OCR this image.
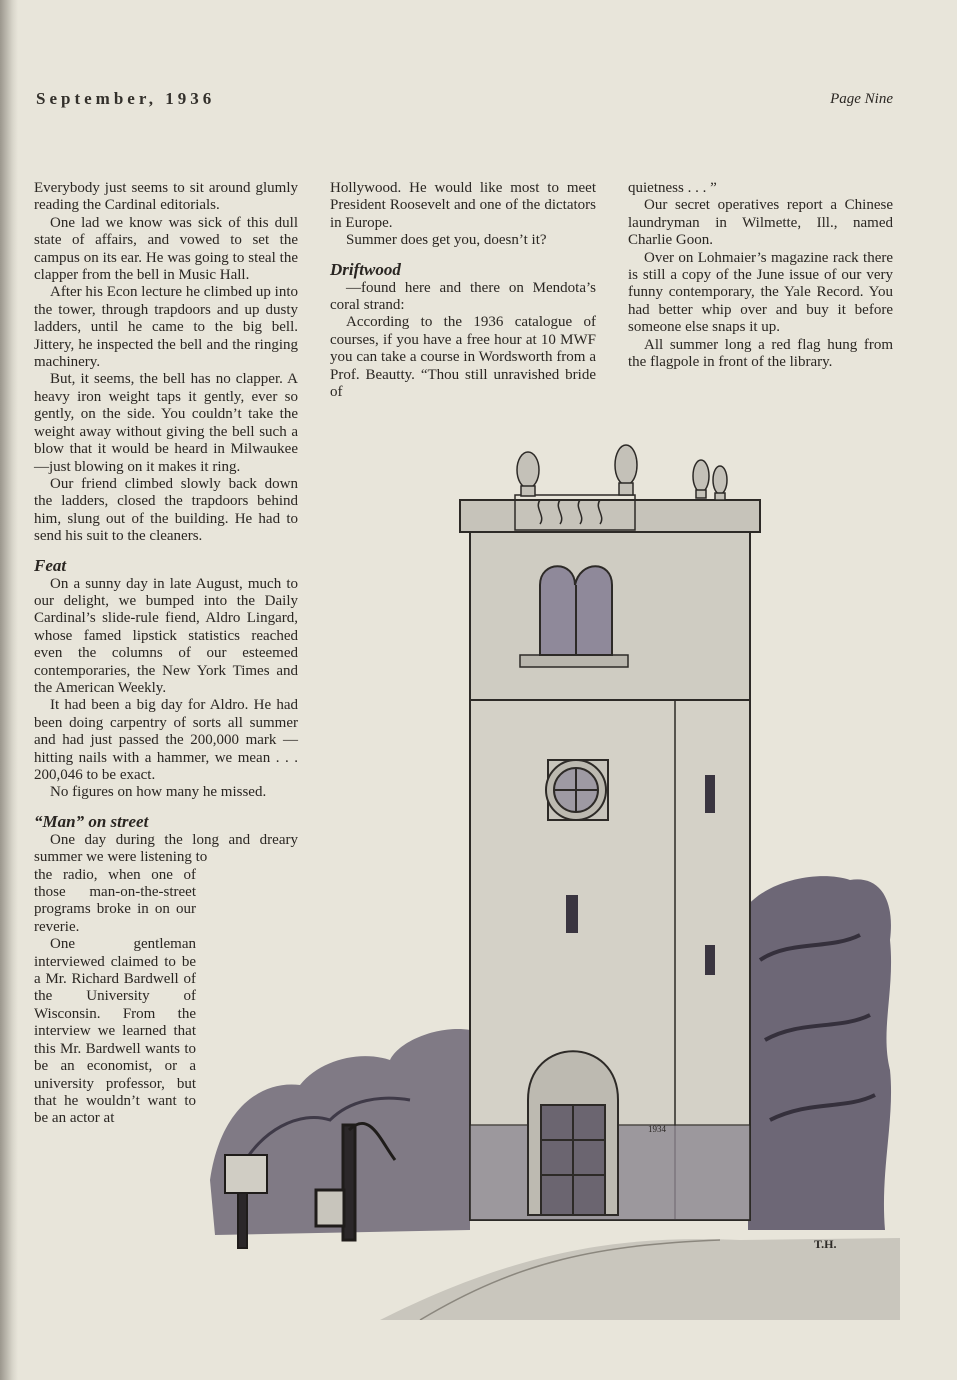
September, 1936	Page Nine

Everybody just seems to sit around glumly reading the Cardinal editorials.

One lad we know was sick of this dull state of affairs, and vowed to set the campus on its ear. He was going to steal the clapper from the bell in Music Hall.

After his Econ lecture he climbed up into the tower, through trapdoors and up dusty ladders, until he came to the big bell. Jittery, he inspected the bell and the ringing machinery.

But, it seems, the bell has no clapper. A heavy iron weight taps it gently, ever so gently, on the side. You couldn’t take the weight away without giving the bell such a blow that it would be heard in Milwaukee—just blowing on it makes it ring.

Our friend climbed slowly back down the ladders, closed the trapdoors behind him, slung out of the building. He had to send his suit to the cleaners.

Feat

On a sunny day in late August, much to our delight, we bumped into the Daily Cardinal’s slide-rule fiend, Aldro Lingard, whose famed lipstick statistics reached even the columns of our esteemed contemporaries, the New York Times and the American Weekly.

It had been a big day for Aldro. He had been doing carpentry of sorts all summer and had just passed the 200,000 mark — hitting nails with a hammer, we mean . . . 200,046 to be exact.

No figures on how many he missed.

“Man” on street

One day during the long and dreary summer we were listening to

the radio, when one of those man-on-the-street programs broke in on our reverie.

One gentleman interviewed claimed to be a Mr. Richard Bardwell of the University of Wisconsin. From the interview we learned that this Mr. Bardwell wants to be an economist, or a university professor, but that he wouldn’t want to be an actor at

Hollywood. He would like most to meet President Roosevelt and one of the dictators in Europe.

Summer does get you, doesn’t it?

Driftwood

—found here and there on Mendota’s coral strand:

According to the 1936 catalogue of courses, if you have a free hour at 10 MWF you can take a course in Wordsworth from a Prof. Beautty. “Thou still unravished bride of

quietness . . . ”

Our secret operatives report a Chinese laundryman in Wilmette, Ill., named Charlie Goon.

Over on Lohmaier’s magazine rack there is still a copy of the June issue of our very funny contemporary, the Yale Record. You had better whip over and buy it before someone else snaps it up.

All summer long a red flag hung from the flagpole in front of the library.

1934
T.H.
